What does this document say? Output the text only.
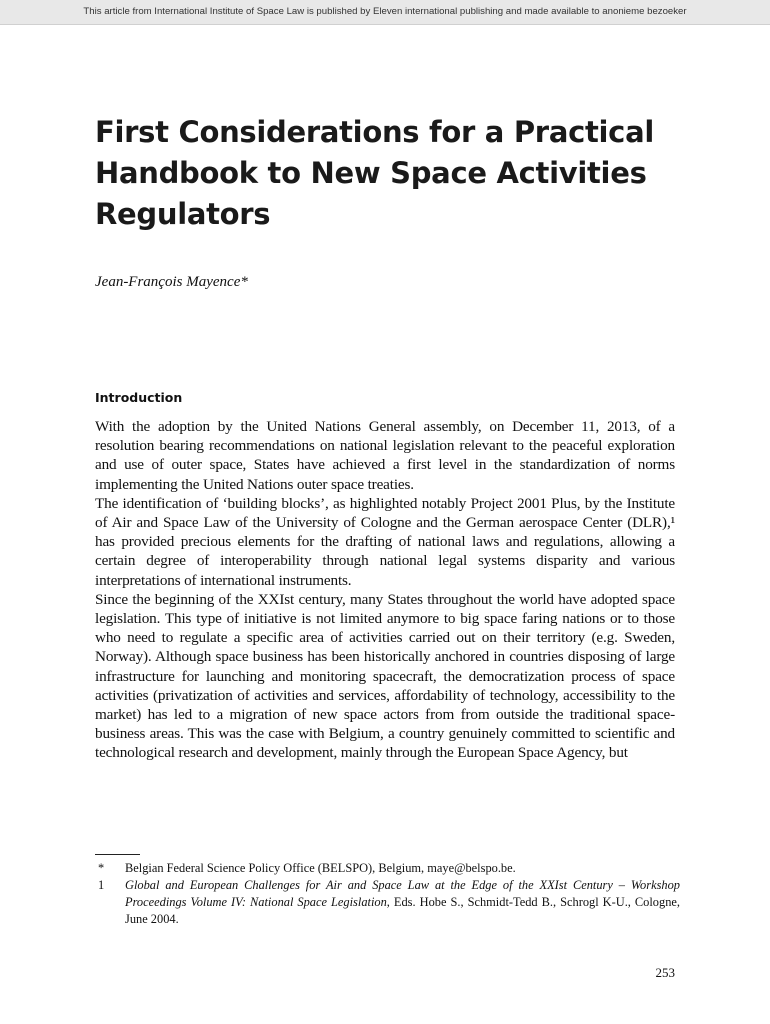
This article from International Institute of Space Law is published by Eleven international publishing and made available to anonieme bezoeker
First Considerations for a Practical Handbook to New Space Activities Regulators
Jean-François Mayence*
Introduction

With the adoption by the United Nations General assembly, on December 11, 2013, of a resolution bearing recommendations on national legislation relevant to the peaceful exploration and use of outer space, States have achieved a first level in the standardization of norms implementing the United Nations outer space treaties.

The identification of ‘building blocks’, as highlighted notably Project 2001 Plus, by the Institute of Air and Space Law of the University of Cologne and the German aerospace Center (DLR),¹ has provided precious elements for the drafting of national laws and regulations, allowing a certain degree of interoperability through national legal systems disparity and various interpretations of international instruments.

Since the beginning of the XXIst century, many States throughout the world have adopted space legislation. This type of initiative is not limited anymore to big space faring nations or to those who need to regulate a specific area of activities carried out on their territory (e.g. Sweden, Norway). Although space business has been historically anchored in countries disposing of large infrastructure for launching and monitoring spacecraft, the democratization process of space activities (privatization of activities and services, affordability of technology, accessibility to the market) has led to a migration of new space actors from from outside the traditional space-business areas. This was the case with Belgium, a country genuinely committed to scientific and technological research and development, mainly through the European Space Agency, but

*	Belgian Federal Science Policy Office (BELSPO), Belgium, maye@belspo.be.
1	Global and European Challenges for Air and Space Law at the Edge of the XXIst Century – Workshop Proceedings Volume IV: National Space Legislation, Eds. Hobe S., Schmidt-Tedd B., Schrogl K-U., Cologne, June 2004.
253
